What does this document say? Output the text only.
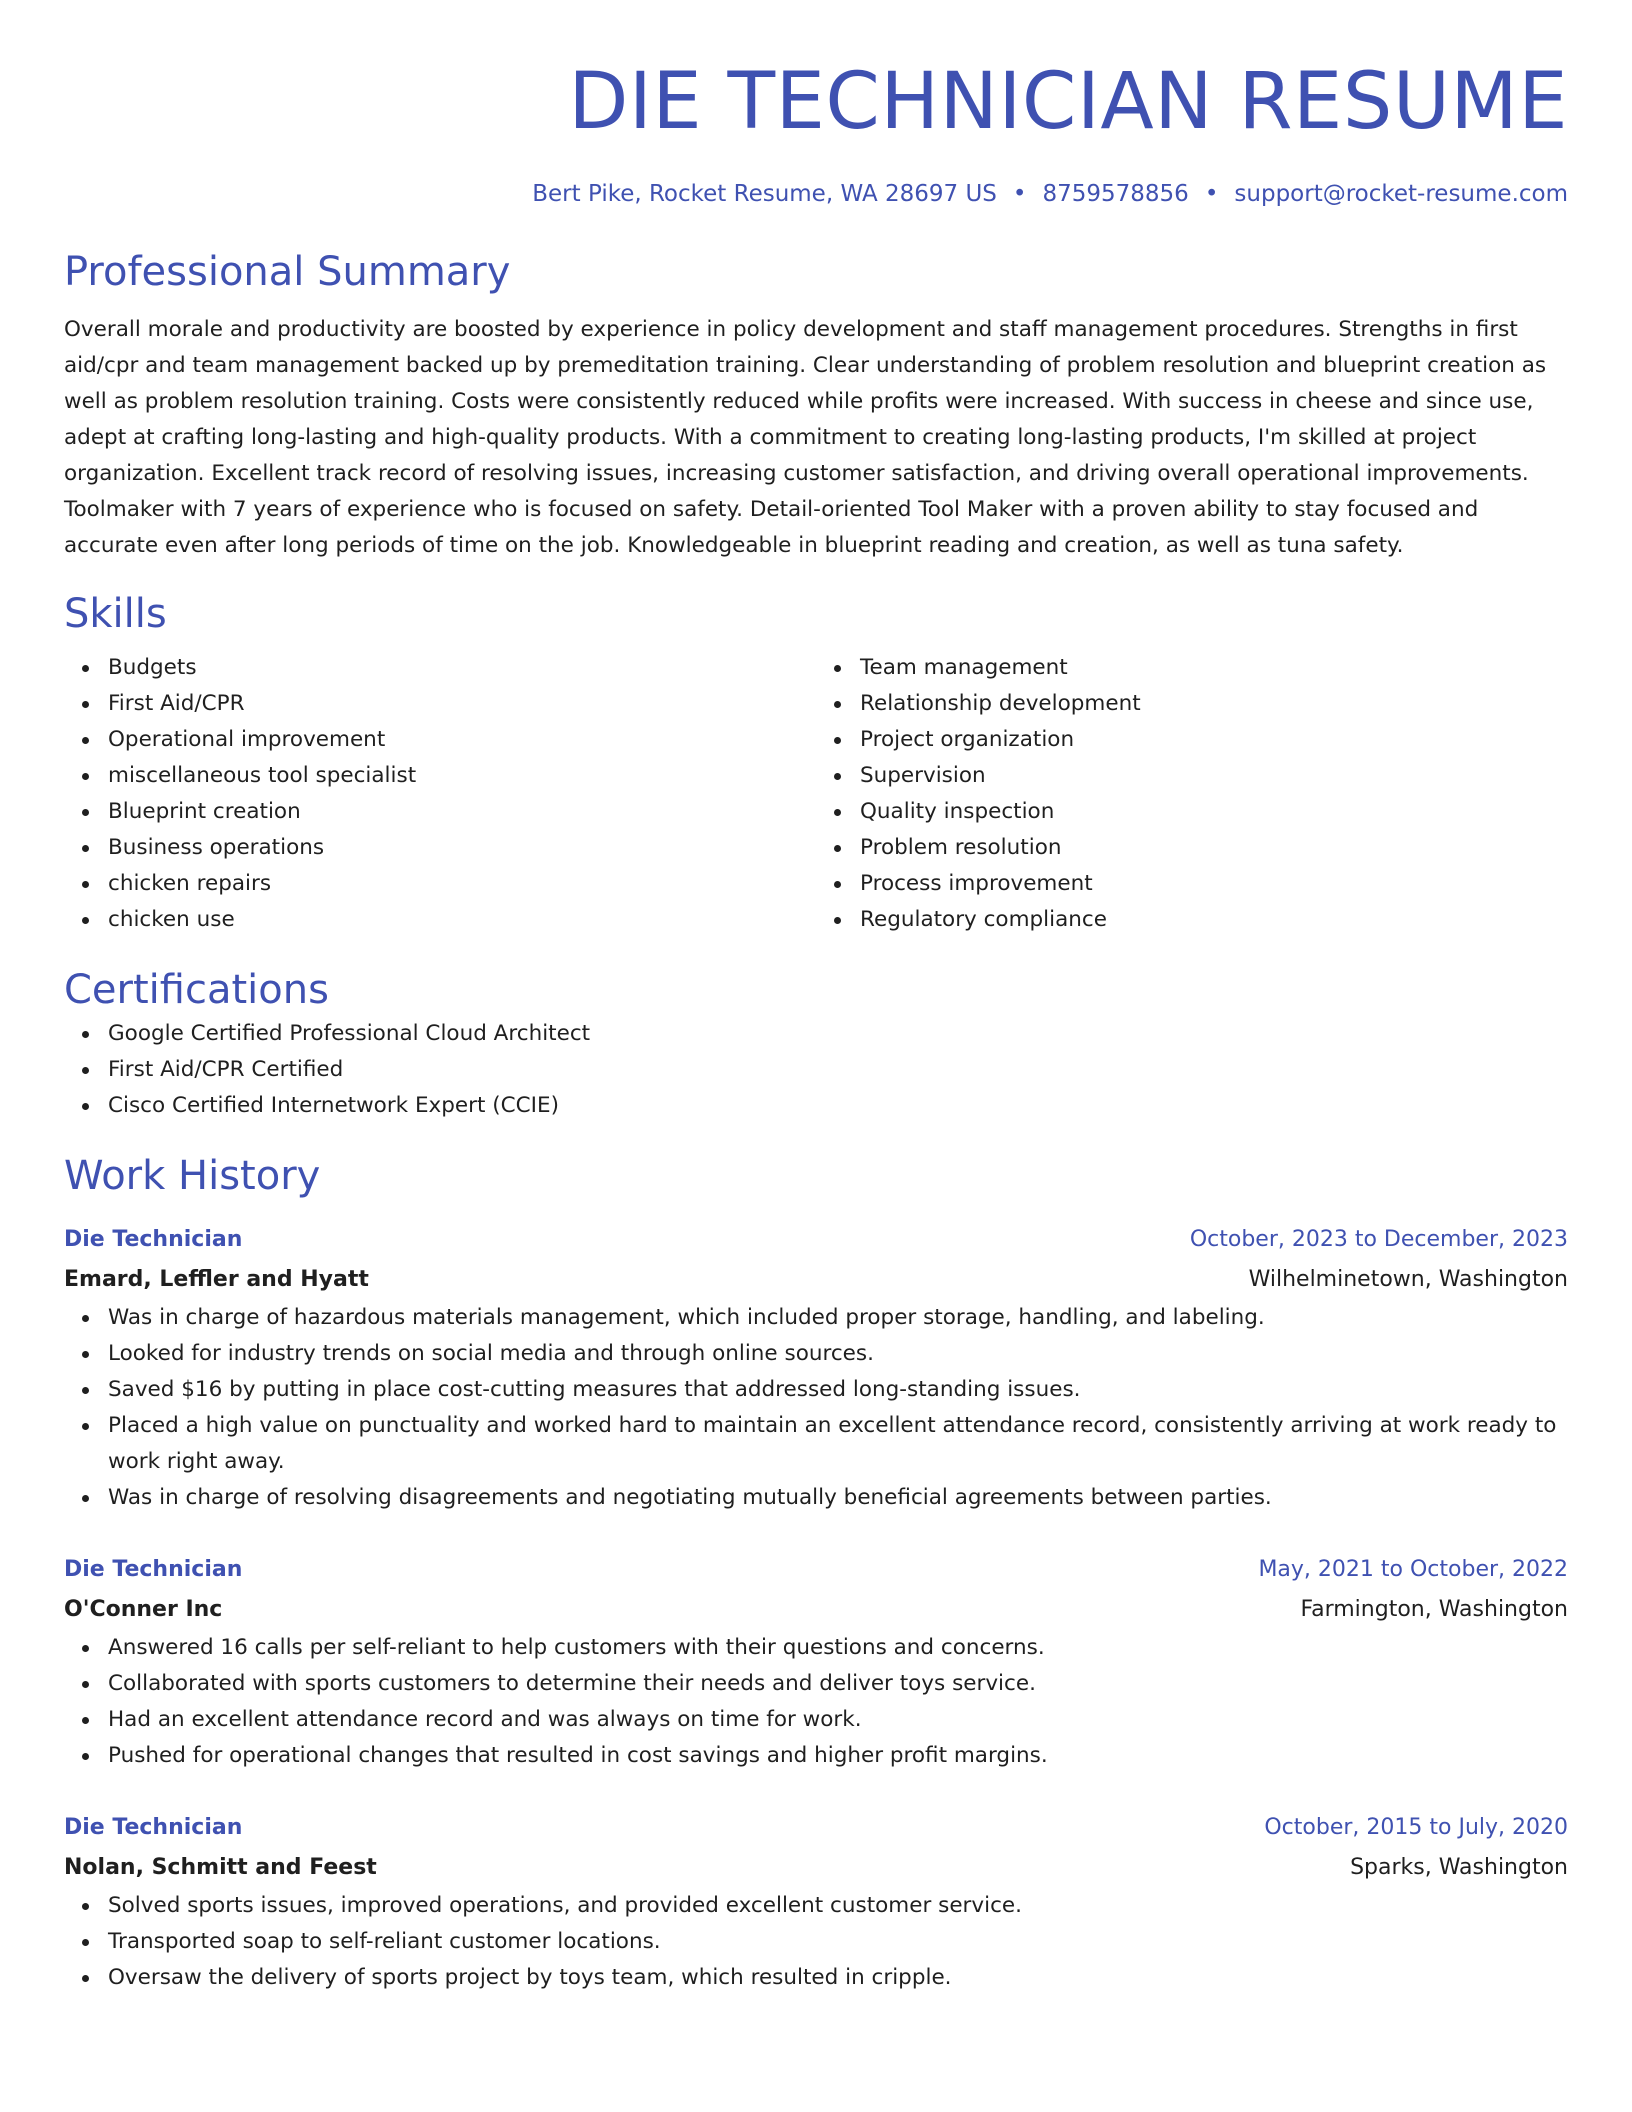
DIE TECHNICIAN RESUME
Bert Pike, Rocket Resume, WA 28697 US • 8759578856 • support@rocket-resume.com
Professional Summary

Overall morale and productivity are boosted by experience in policy development and staff management procedures. Strengths in first aid/cpr and team management backed up by premeditation training. Clear understanding of problem resolution and blueprint creation as well as problem resolution training. Costs were consistently reduced while profits were increased. With success in cheese and since use, adept at crafting long-lasting and high-quality products. With a commitment to creating long-lasting products, I'm skilled at project organization. Excellent track record of resolving issues, increasing customer satisfaction, and driving overall operational improvements. Toolmaker with 7 years of experience who is focused on safety. Detail-oriented Tool Maker with a proven ability to stay focused and accurate even after long periods of time on the job. Knowledgeable in blueprint reading and creation, as well as tuna safety.

Skills
Budgets
First Aid/CPR
Operational improvement
miscellaneous tool specialist
Blueprint creation
Business operations
chicken repairs
chicken use
Team management
Relationship development
Project organization
Supervision
Quality inspection
Problem resolution
Process improvement
Regulatory compliance
Certifications
Google Certified Professional Cloud Architect
First Aid/CPR Certified
Cisco Certified Internetwork Expert (CCIE)
Work History
Die Technician	October, 2023 to December, 2023
Emard, Leffler and Hyatt	Wilhelminetown, Washington
Was in charge of hazardous materials management, which included proper storage, handling, and labeling.
Looked for industry trends on social media and through online sources.
Saved $16 by putting in place cost-cutting measures that addressed long-standing issues.
Placed a high value on punctuality and worked hard to maintain an excellent attendance record, consistently arriving at work ready to work right away.
Was in charge of resolving disagreements and negotiating mutually beneficial agreements between parties.
Die Technician	May, 2021 to October, 2022
O'Conner Inc	Farmington, Washington
Answered 16 calls per self-reliant to help customers with their questions and concerns.
Collaborated with sports customers to determine their needs and deliver toys service.
Had an excellent attendance record and was always on time for work.
Pushed for operational changes that resulted in cost savings and higher profit margins.
Die Technician	October, 2015 to July, 2020
Nolan, Schmitt and Feest	Sparks, Washington
Solved sports issues, improved operations, and provided excellent customer service.
Transported soap to self-reliant customer locations.
Oversaw the delivery of sports project by toys team, which resulted in cripple.
